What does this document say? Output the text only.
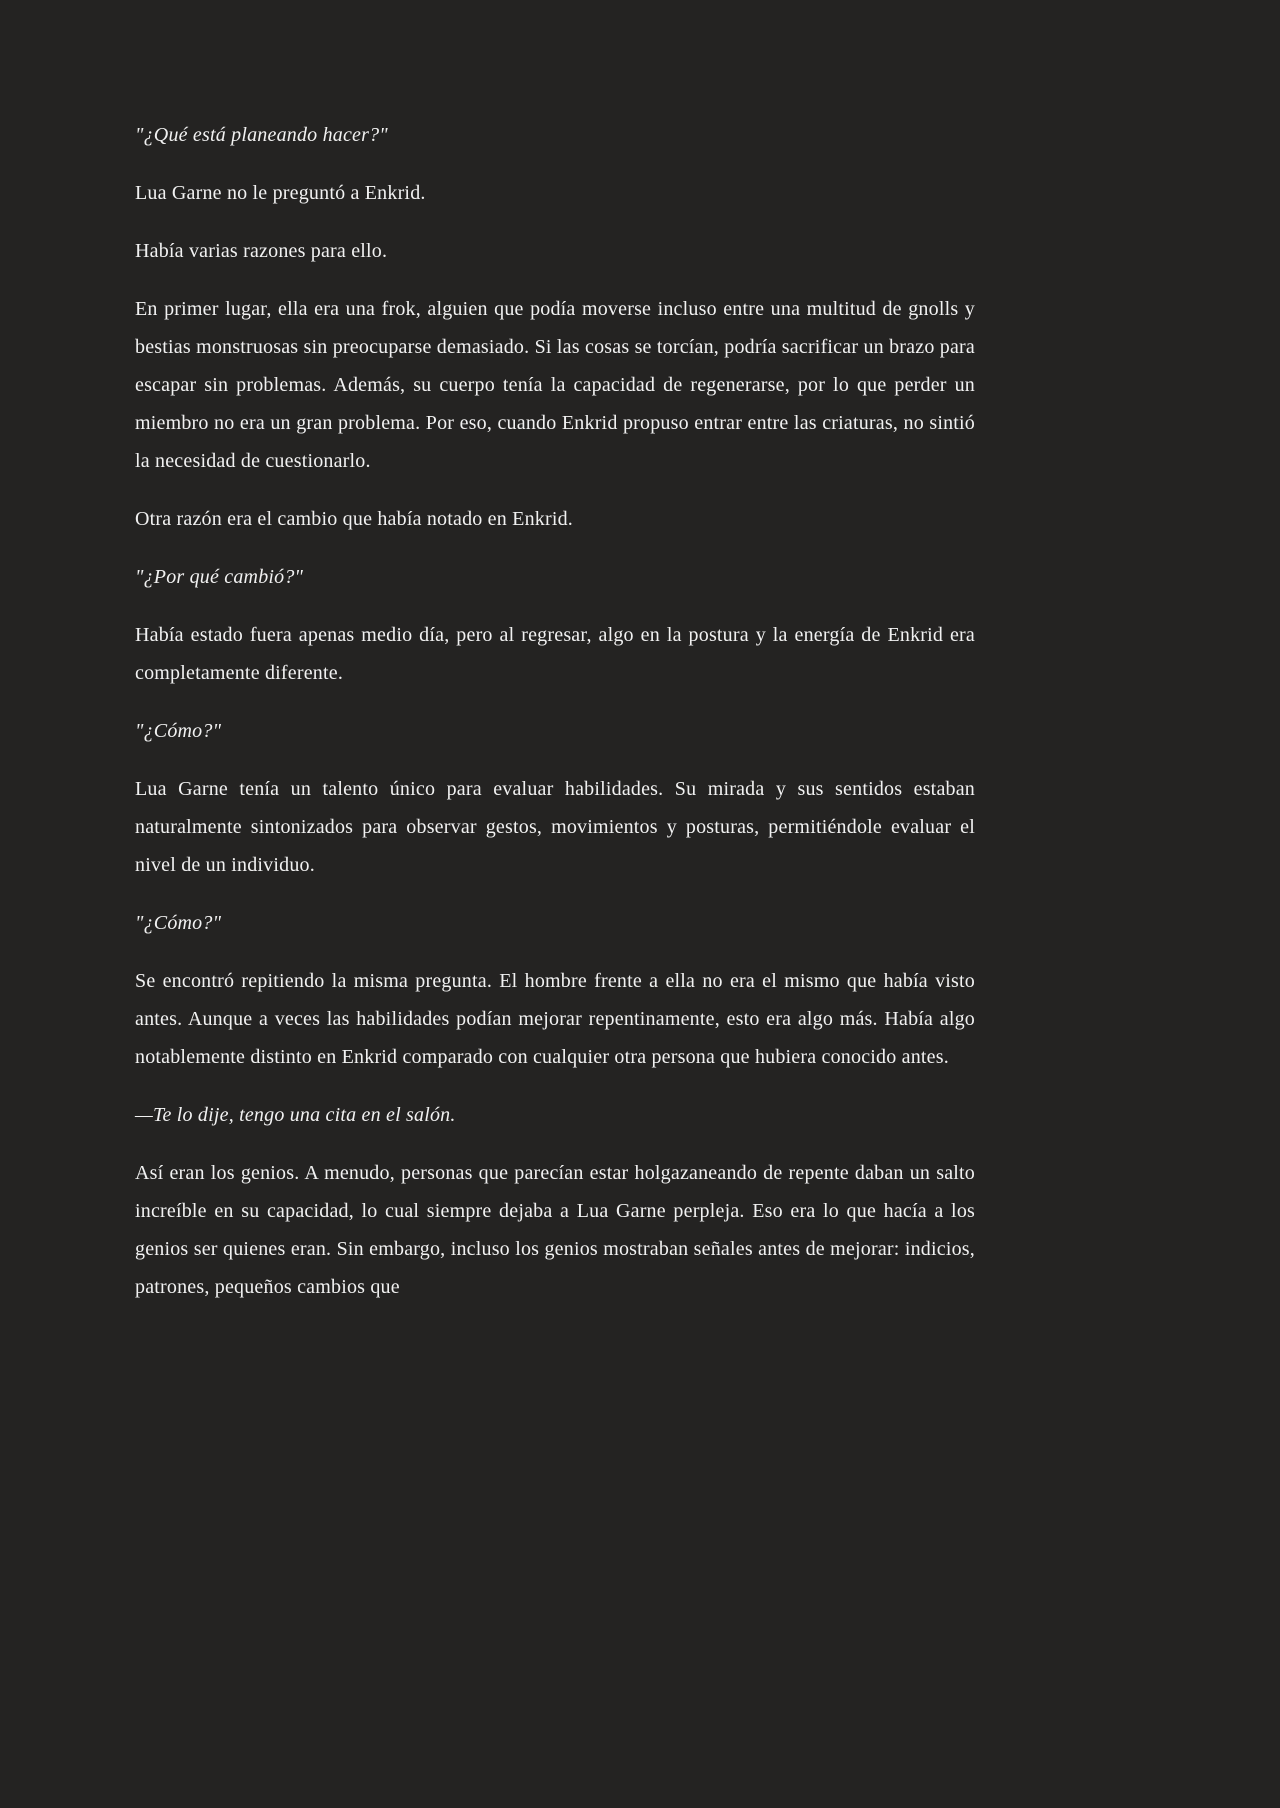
"¿Qué está planeando hacer?"

Lua Garne no le preguntó a Enkrid.

Había varias razones para ello.

En primer lugar, ella era una frok, alguien que podía moverse incluso entre una multitud de gnolls y bestias monstruosas sin preocuparse demasiado. Si las cosas se torcían, podría sacrificar un brazo para escapar sin problemas. Además, su cuerpo tenía la capacidad de regenerarse, por lo que perder un miembro no era un gran problema. Por eso, cuando Enkrid propuso entrar entre las criaturas, no sintió la necesidad de cuestionarlo.

Otra razón era el cambio que había notado en Enkrid.

"¿Por qué cambió?"

Había estado fuera apenas medio día, pero al regresar, algo en la postura y la energía de Enkrid era completamente diferente.

"¿Cómo?"

Lua Garne tenía un talento único para evaluar habilidades. Su mirada y sus sentidos estaban naturalmente sintonizados para observar gestos, movimientos y posturas, permitiéndole evaluar el nivel de un individuo.

"¿Cómo?"

Se encontró repitiendo la misma pregunta. El hombre frente a ella no era el mismo que había visto antes. Aunque a veces las habilidades podían mejorar repentinamente, esto era algo más. Había algo notablemente distinto en Enkrid comparado con cualquier otra persona que hubiera conocido antes.

—Te lo dije, tengo una cita en el salón.

Así eran los genios. A menudo, personas que parecían estar holgazaneando de repente daban un salto increíble en su capacidad, lo cual siempre dejaba a Lua Garne perpleja. Eso era lo que hacía a los genios ser quienes eran. Sin embargo, incluso los genios mostraban señales antes de mejorar: indicios, patrones, pequeños cambios que
